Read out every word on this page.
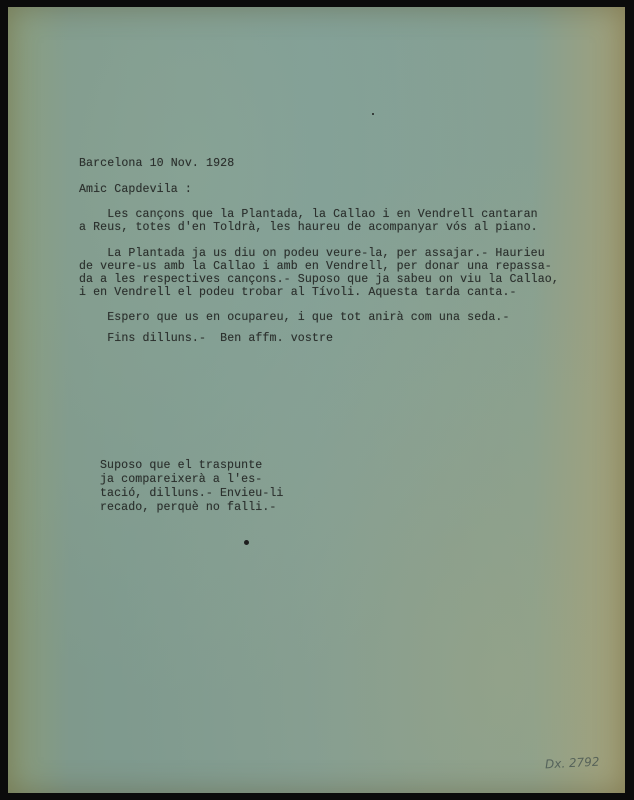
Barcelona 10 Nov. 1928
Amic Capdevila :
Les cançons que la Plantada, la Callao i en Vendrell cantaran
a Reus, totes d'en Toldrà, les haureu de acompanyar vós al piano.
La Plantada ja us diu on podeu veure-la, per assajar.- Haurieu
de veure-us amb la Callao i amb en Vendrell, per donar una repassa-
da a les respectives cançons.- Suposo que ja sabeu on viu la Callao,
i en Vendrell el podeu trobar al Tívoli. Aquesta tarda canta.-
Espero que us en ocupareu, i que tot anirà com una seda.-
Fins dilluns.-  Ben affm. vostre
Suposo que el traspunte
ja compareixerà a l'es-
tació, dilluns.- Envieu-li
recado, perquè no falli.-
Dx. 2792
